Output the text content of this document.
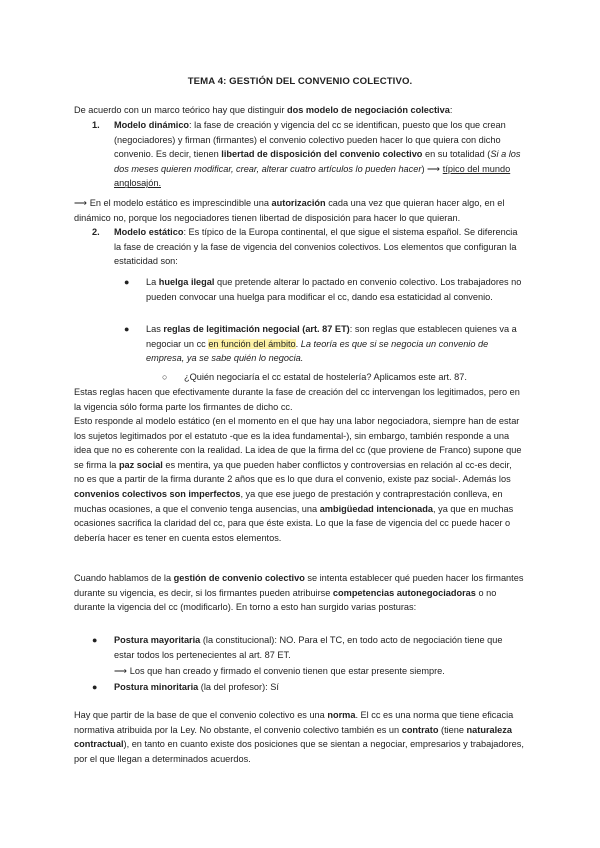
TEMA 4: GESTIÓN DEL CONVENIO COLECTIVO.
De acuerdo con un marco teórico hay que distinguir dos modelo de negociación colectiva:
1. Modelo dinámico: la fase de creación y vigencia del cc se identifican, puesto que los que crean (negociadores) y firman (firmantes) el convenio colectivo pueden hacer lo que quiera con dicho convenio. Es decir, tienen libertad de disposición del convenio colectivo en su totalidad (Si a los dos meses quieren modificar, crear, alterar cuatro artículos lo pueden hacer) ⟶ típico del mundo anglosajón.
⟶ En el modelo estático es imprescindible una autorización cada una vez que quieran hacer algo, en el dinámico no, porque los negociadores tienen libertad de disposición para hacer lo que quieran.
2. Modelo estático: Es típico de la Europa continental, el que sigue el sistema español. Se diferencia la fase de creación y la fase de vigencia del convenios colectivos. Los elementos que configuran la estaticidad son:
● La huelga ilegal que pretende alterar lo pactado en convenio colectivo. Los trabajadores no pueden convocar una huelga para modificar el cc, dando esa estaticidad al convenio.
● Las reglas de legitimación negocial (art. 87 ET): son reglas que establecen quienes va a negociar un cc en función del ámbito. La teoría es que si se negocia un convenio de empresa, ya se sabe quién lo negocia.
○ ¿Quién negociaría el cc estatal de hostelería? Aplicamos este art. 87.
Estas reglas hacen que efectivamente durante la fase de creación del cc intervengan los legitimados, pero en la vigencia sólo forma parte los firmantes de dicho cc.
Esto responde al modelo estático (en el momento en el que hay una labor negociadora, siempre han de estar los sujetos legitimados por el estatuto -que es la idea fundamental-), sin embargo, también responde a una idea que no es coherente con la realidad. La idea de que la firma del cc (que proviene de Franco) supone que se firma la paz social es mentira, ya que pueden haber conflictos y controversias en relación al cc-es decir, no es que a partir de la firma durante 2 años que es lo que dura el convenio, existe paz social-. Además los convenios colectivos son imperfectos, ya que ese juego de prestación y contraprestación conlleva, en muchas ocasiones, a que el convenio tenga ausencias, una ambigüedad intencionada, ya que en muchas ocasiones sacrifica la claridad del cc, para que éste exista. Lo que la fase de vigencia del cc puede hacer o debería hacer es tener en cuenta estos elementos.
Cuando hablamos de la gestión de convenio colectivo se intenta establecer qué pueden hacer los firmantes durante su vigencia, es decir, si los firmantes pueden atribuirse competencias autonegociadoras o no durante la vigencia del cc (modificarlo). En torno a esto han surgido varias posturas:
● Postura mayoritaria (la constitucional): NO. Para el TC, en todo acto de negociación tiene que estar todos los pertenecientes al art. 87 ET.
⟶ Los que han creado y firmado el convenio tienen que estar presente siempre.
● Postura minoritaria (la del profesor): Sí
Hay que partir de la base de que el convenio colectivo es una norma. El cc es una norma que tiene eficacia normativa atribuida por la Ley. No obstante, el convenio colectivo también es un contrato (tiene naturaleza contractual), en tanto en cuanto existe dos posiciones que se sientan a negociar, empresarios y trabajadores, por el que llegan a determinados acuerdos.
